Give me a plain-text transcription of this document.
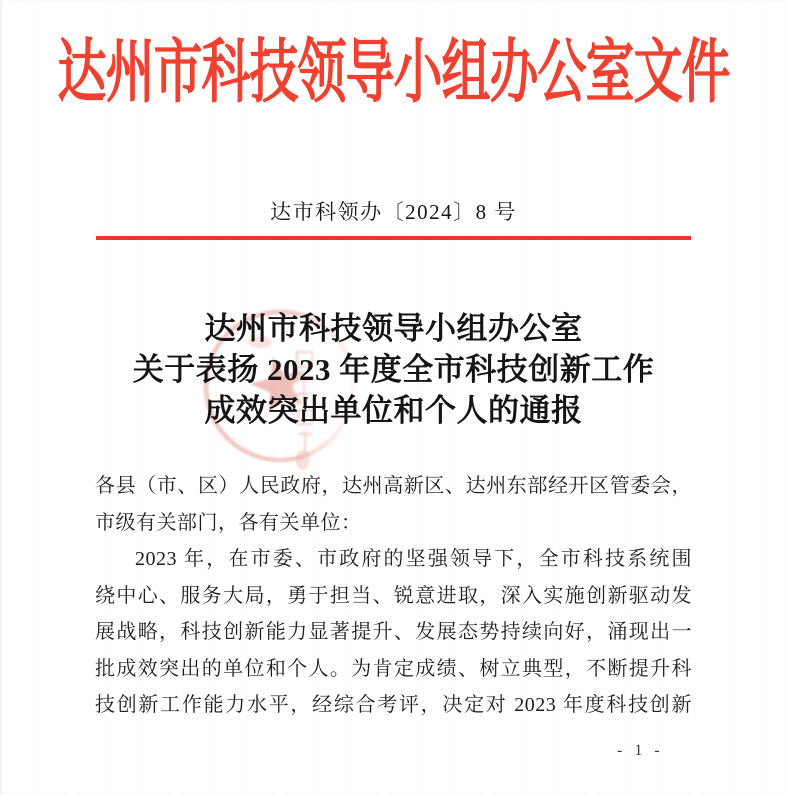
达州市科技领导小组办公室文件
达市科领办〔2024〕8 号
达州市科技领导小组办公室
关于表扬 2023 年度全市科技创新工作
成效突出单位和个人的通报
各县（市、区）人民政府，达州高新区、达州东部经开区管委会，
市级有关部门，各有关单位：
2023 年，在市委、市政府的坚强领导下，全市科技系统围
绕中心、服务大局，勇于担当、锐意进取，深入实施创新驱动发
展战略，科技创新能力显著提升、发展态势持续向好，涌现出一
批成效突出的单位和个人。为肯定成绩、树立典型，不断提升科
技创新工作能力水平，经综合考评，决定对 2023 年度科技创新
- 1 -
